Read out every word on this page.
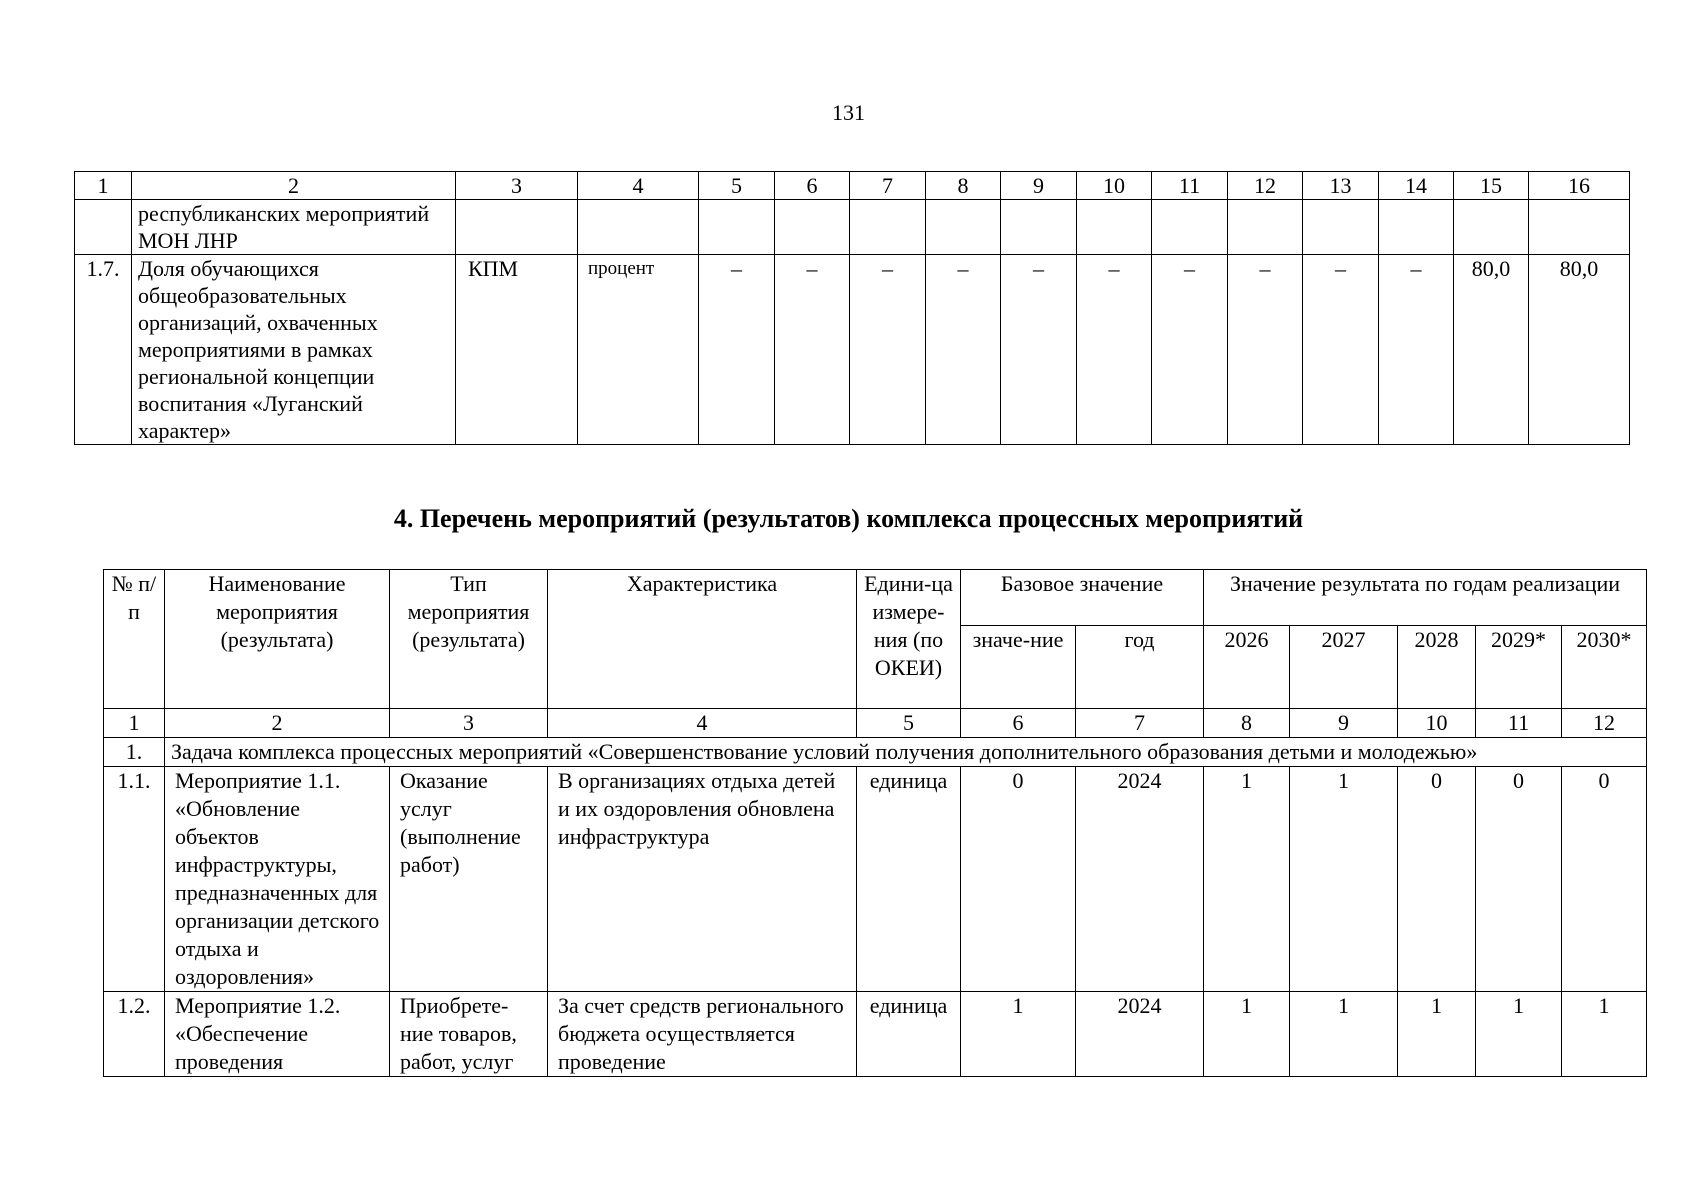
131
1	2	3	4	5	6	7	8	9	10	11	12	13	14	15	16
	республиканских мероприятий МОН ЛНР														
1.7.	Доля обучающихся общеобразовательных организаций, охваченных мероприятиями в рамках региональной концепции воспитания «Луганский характер»	КПМ	процент	–	–	–	–	–	–	–	–	–	–	80,0	80,0
4. Перечень мероприятий (результатов) комплекса процессных мероприятий
№ п/п	Наименование мероприятия (результата)	Тип мероприятия (результата)	Характеристика	Едини-ца измере-ния (по ОКЕИ)	Базовое значение		Значение результата по годам реализации				
					значе-ние	год	2026	2027	2028	2029*	2030*
1	2	3	4	5	6	7	8	9	10	11	12
1.	Задача комплекса процессных мероприятий «Совершенствование условий получения дополнительного образования детьми и молодежью»										
1.1.	Мероприятие 1.1. «Обновление объектов инфраструктуры, предназначенных для организации детского отдыха и оздоровления»	Оказание услуг (выполнение работ)	В организациях отдыха детей и их оздоровления обновлена инфраструктура	единица	0	2024	1	1	0	0	0
1.2.	Мероприятие 1.2. «Обеспечение проведения	Приобрете-ние товаров, работ, услуг	За счет средств регионального бюджета осуществляется проведение	единица	1	2024	1	1	1	1	1
